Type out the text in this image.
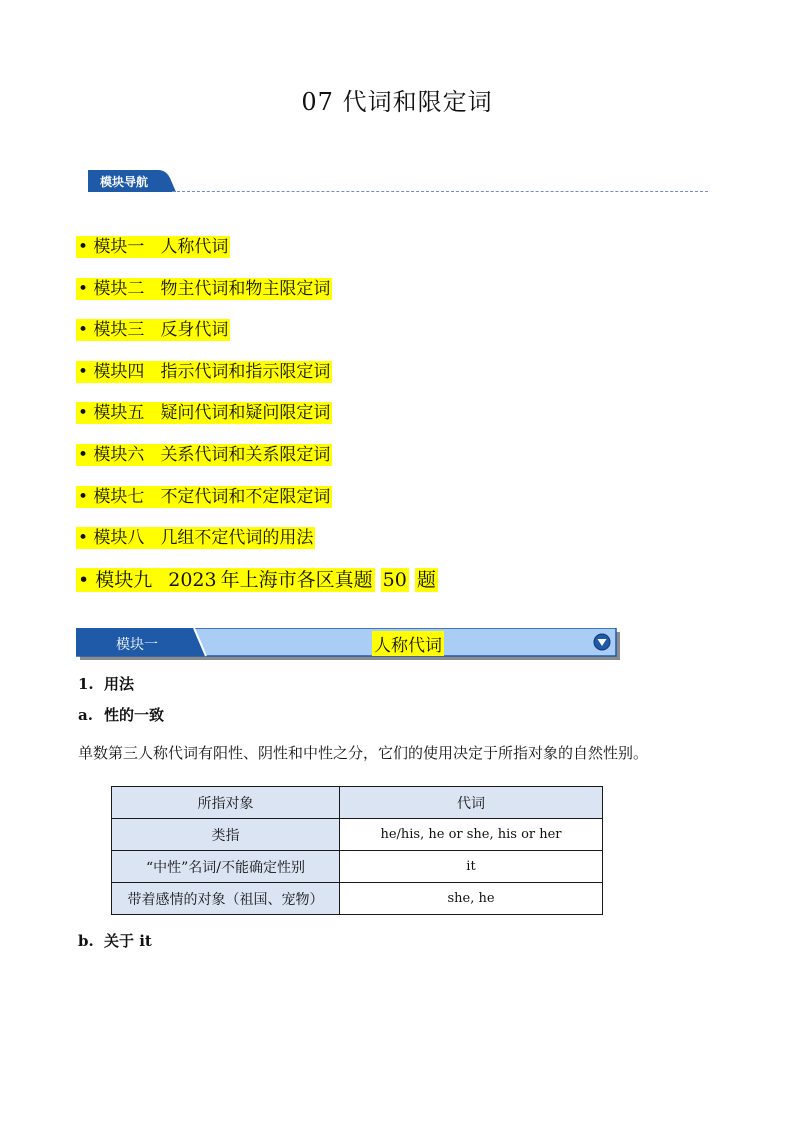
07 代词和限定词
模块导航
• 模块一 人称代词
• 模块二 物主代词和物主限定词
• 模块三 反身代词
• 模块四 指示代词和指示限定词
• 模块五 疑问代词和疑问限定词
• 模块六 关系代词和关系限定词
• 模块七 不定代词和不定限定词
• 模块八 几组不定代词的用法
• 模块九 2023 年上海市各区真题 50 题
模块一	人称代词
1. 用法
a. 性的一致
单数第三人称代词有阳性、阴性和中性之分，它们的使用决定于所指对象的自然性别。
所指对象	代词
类指	he/his, he or she, his or her
“中性”名词/不能确定性别	it
带着感情的对象（祖国、宠物）	she, he
b. 关于 it
